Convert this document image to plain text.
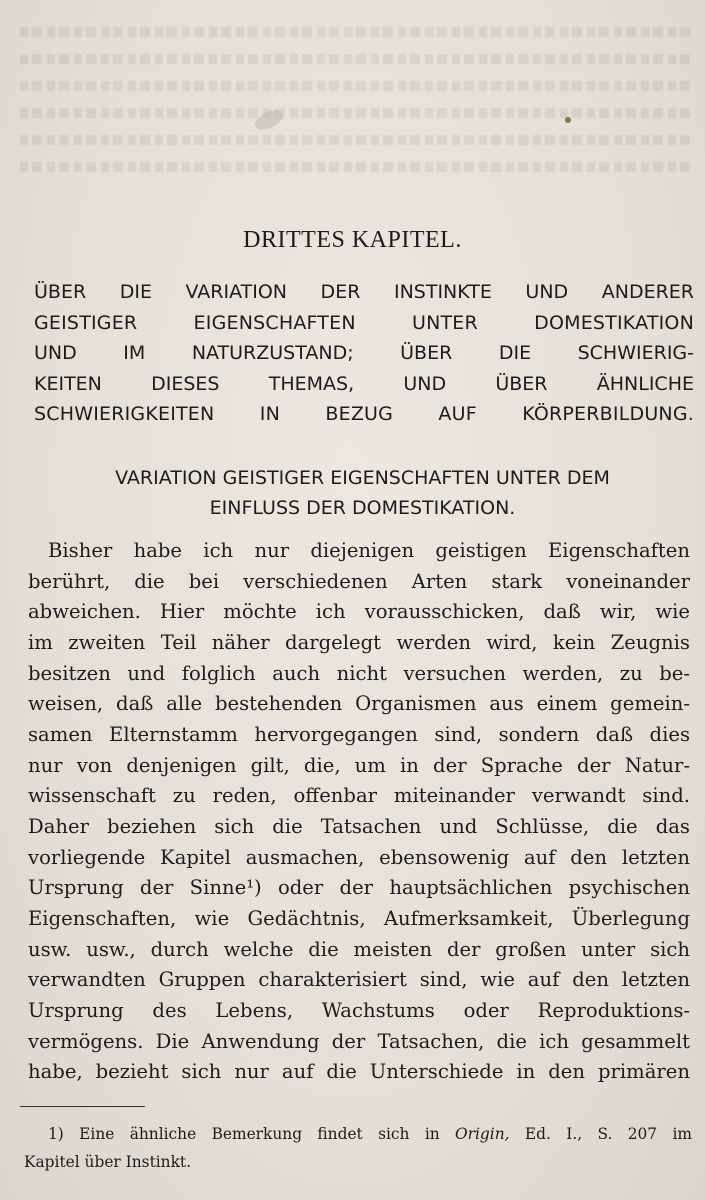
DRITTES KAPITEL.
ÜBER DIE VARIATION DER INSTINKTE UND ANDERER
GEISTIGER EIGENSCHAFTEN UNTER DOMESTIKATION
UND IM NATURZUSTAND; ÜBER DIE SCHWIERIG-
KEITEN DIESES THEMAS, UND ÜBER ÄHNLICHE
SCHWIERIGKEITEN IN BEZUG AUF KÖRPERBILDUNG.
VARIATION GEISTIGER EIGENSCHAFTEN UNTER DEM
EINFLUSS DER DOMESTIKATION.
Bisher habe ich nur diejenigen geistigen Eigenschaften
berührt, die bei verschiedenen Arten stark voneinander
abweichen. Hier möchte ich vorausschicken, daß wir, wie
im zweiten Teil näher dargelegt werden wird, kein Zeugnis
besitzen und folglich auch nicht versuchen werden, zu be-
weisen, daß alle bestehenden Organismen aus einem gemein-
samen Elternstamm hervorgegangen sind, sondern daß dies
nur von denjenigen gilt, die, um in der Sprache der Natur-
wissenschaft zu reden, offenbar miteinander verwandt sind.
Daher beziehen sich die Tatsachen und Schlüsse, die das
vorliegende Kapitel ausmachen, ebensowenig auf den letzten
Ursprung der Sinne¹) oder der hauptsächlichen psychischen
Eigenschaften, wie Gedächtnis, Aufmerksamkeit, Überlegung
usw. usw., durch welche die meisten der großen unter sich
verwandten Gruppen charakterisiert sind, wie auf den letzten
Ursprung des Lebens, Wachstums oder Reproduktions-
vermögens. Die Anwendung der Tatsachen, die ich gesammelt
habe, bezieht sich nur auf die Unterschiede in den primären
1) Eine ähnliche Bemerkung findet sich in Origin, Ed. I., S. 207 im
Kapitel über Instinkt.
